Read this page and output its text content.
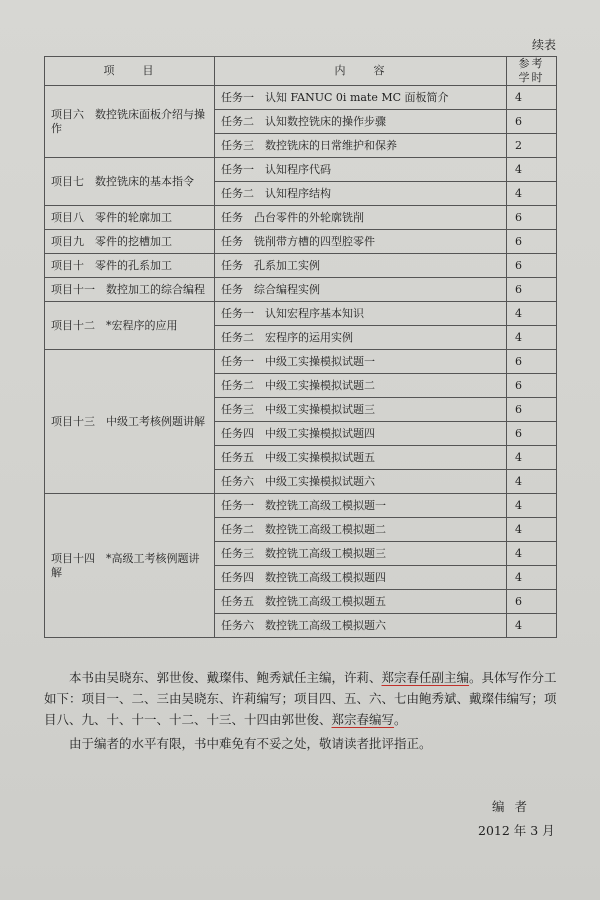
续表
项　　目	内　　容	参考学时
项目六　数控铣床面板介绍与操作	任务一　认知 FANUC 0i mate MC 面板简介	4
	任务二　认知数控铣床的操作步骤	6
	任务三　数控铣床的日常维护和保养	2
项目七　数控铣床的基本指令	任务一　认知程序代码	4
	任务二　认知程序结构	4
项目八　零件的轮廓加工	任务　凸台零件的外轮廓铣削	6
项目九　零件的挖槽加工	任务　铣削带方槽的四型腔零件	6
项目十　零件的孔系加工	任务　孔系加工实例	6
项目十一　数控加工的综合编程	任务　综合编程实例	6
项目十二　*宏程序的应用	任务一　认知宏程序基本知识	4
	任务二　宏程序的运用实例	4
项目十三　中级工考核例题讲解	任务一　中级工实操模拟试题一	6
	任务二　中级工实操模拟试题二	6
	任务三　中级工实操模拟试题三	6
	任务四　中级工实操模拟试题四	6
	任务五　中级工实操模拟试题五	4
	任务六　中级工实操模拟试题六	4
项目十四　*高级工考核例题讲解	任务一　数控铣工高级工模拟题一	4
	任务二　数控铣工高级工模拟题二	4
	任务三　数控铣工高级工模拟题三	4
	任务四　数控铣工高级工模拟题四	4
	任务五　数控铣工高级工模拟题五	6
	任务六　数控铣工高级工模拟题六	4

本书由吴晓东、郭世俊、戴璨伟、鲍秀斌任主编，许莉、郑宗春任副主编。具体写作分工如下：项目一、二、三由吴晓东、许莉编写；项目四、五、六、七由鲍秀斌、戴璨伟编写；项目八、九、十、十一、十二、十三、十四由郭世俊、郑宗春编写。

由于编者的水平有限，书中难免有不妥之处，敬请读者批评指正。

编者
2012 年 3 月
